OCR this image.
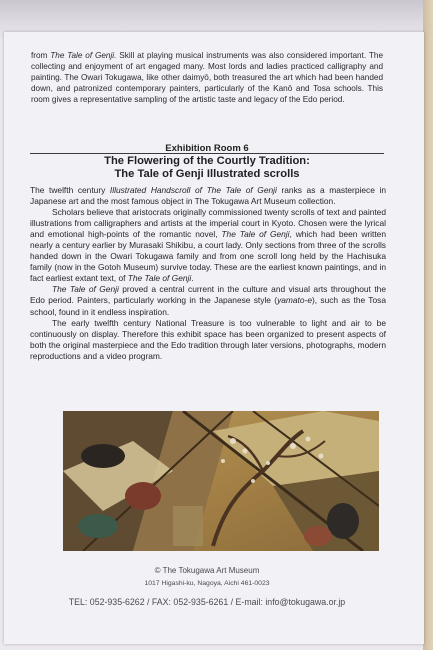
from The Tale of Genji. Skill at playing musical instruments was also considered important. The collecting and enjoyment of art engaged many. Most lords and ladies practiced calligraphy and painting. The Owari Tokugawa, like other daimyō, both treasured the art which had been handed down, and patronized contemporary painters, particularly of the Kanō and Tosa schools. This room gives a representative sampling of the artistic taste and legacy of the Edo period.
Exhibition Room 6
The Flowering of the Courtly Tradition:
The Tale of Genji Illustrated scrolls

The twelfth century Illustrated Handscroll of The Tale of Genji ranks as a masterpiece in Japanese art and the most famous object in The Tokugawa Art Museum collection.

Scholars believe that aristocrats originally commissioned twenty scrolls of text and painted illustrations from calligraphers and artists at the imperial court in Kyoto. Chosen were the lyrical and emotional high-points of the romantic novel, The Tale of Genji, which had been written nearly a century earlier by Murasaki Shikibu, a court lady. Only sections from three of the scrolls handed down in the Owari Tokugawa family and from one scroll long held by the Hachisuka family (now in the Gotoh Museum) survive today. These are the earliest known paintings, and in fact earliest extant text, of The Tale of Genji.

The Tale of Genji proved a central current in the culture and visual arts throughout the Edo period. Painters, particularly working in the Japanese style (yamato-e), such as the Tosa school, found in it endless inspiration.

The early twelfth century National Treasure is too vulnerable to light and air to be continuously on display. Therefore this exhibit space has been organized to present aspects of both the original masterpiece and the Edo tradition through later versions, photographs, modern reproductions and a video program.

© The Tokugawa Art Museum
1017 Higashi-ku, Nagoya, Aichi 461-0023
TEL: 052-935-6262 / FAX: 052-935-6261 / E-mail: info@tokugawa.or.jp
